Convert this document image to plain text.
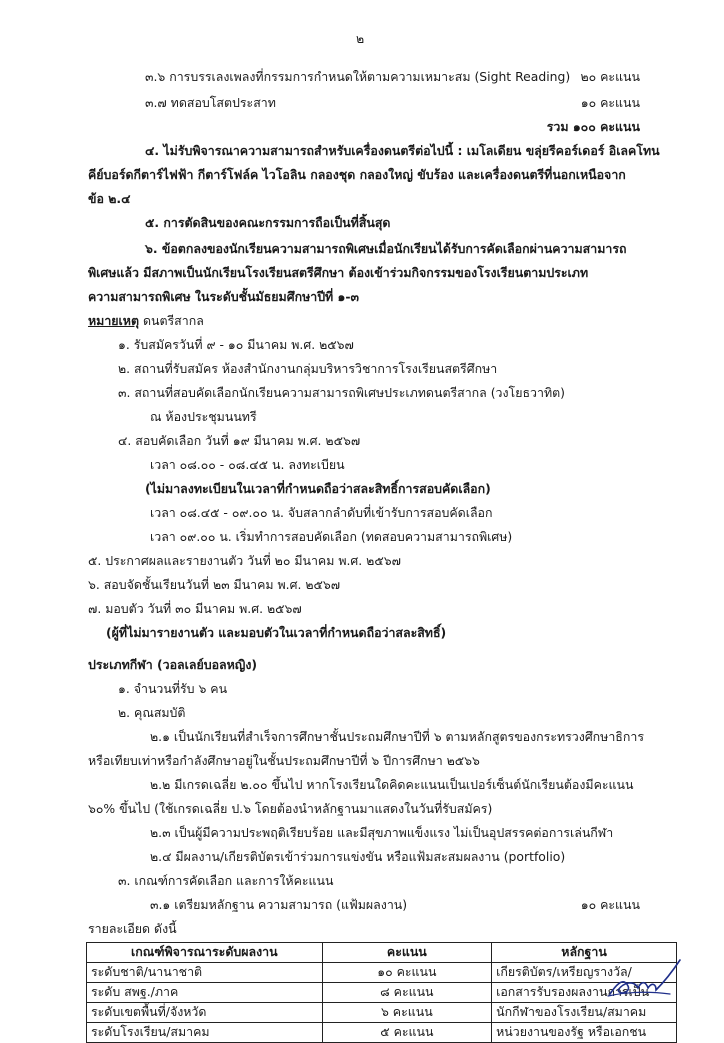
๒
๓.๖ การบรรเลงเพลงที่กรรมการกำหนดให้ตามความเหมาะสม (Sight Reading) ๒๐ คะแนน
๓.๗ ทดสอบโสตประสาท	๑๐ คะแนน
รวม ๑๐๐ คะแนน
๔. ไม่รับพิจารณาความสามารถสำหรับเครื่องดนตรีต่อไปนี้ : เมโลเดียน ขลุ่ยรีคอร์เดอร์ อิเลคโทน
คีย์บอร์ดกีตาร์ไฟฟ้า กีตาร์โฟล์ค ไวโอลิน กลองชุด กลองใหญ่ ขับร้อง และเครื่องดนตรีที่นอกเหนือจาก
ข้อ ๒.๔
๕. การตัดสินของคณะกรรมการถือเป็นที่สิ้นสุด
๖. ข้อตกลงของนักเรียนความสามารถพิเศษเมื่อนักเรียนได้รับการคัดเลือกผ่านความสามารถ
พิเศษแล้ว มีสภาพเป็นนักเรียนโรงเรียนสตรีศึกษา ต้องเข้าร่วมกิจกรรมของโรงเรียนตามประเภท
ความสามารถพิเศษ ในระดับชั้นมัธยมศึกษาปีที่ ๑-๓
หมายเหตุ ดนตรีสากล
๑. รับสมัครวันที่ ๙ - ๑๐ มีนาคม พ.ศ. ๒๕๖๗
๒. สถานที่รับสมัคร ห้องสำนักงานกลุ่มบริหารวิชาการโรงเรียนสตรีศึกษา
๓. สถานที่สอบคัดเลือกนักเรียนความสามารถพิเศษประเภทดนตรีสากล (วงโยธวาทิต)
ณ ห้องประชุมนนทรี
๔. สอบคัดเลือก วันที่ ๑๙ มีนาคม พ.ศ. ๒๕๖๗
เวลา ๐๘.๐๐ - ๐๘.๔๕ น. ลงทะเบียน
(ไม่มาลงทะเบียนในเวลาที่กำหนดถือว่าสละสิทธิ์การสอบคัดเลือก)
เวลา ๐๘.๔๕ - ๐๙.๐๐ น. จับสลากลำดับที่เข้ารับการสอบคัดเลือก
เวลา ๐๙.๐๐ น. เริ่มทำการสอบคัดเลือก (ทดสอบความสามารถพิเศษ)
๕. ประกาศผลและรายงานตัว วันที่ ๒๐ มีนาคม พ.ศ. ๒๕๖๗
๖. สอบจัดชั้นเรียนวันที่ ๒๓ มีนาคม พ.ศ. ๒๕๖๗
๗. มอบตัว วันที่ ๓๐ มีนาคม พ.ศ. ๒๕๖๗
(ผู้ที่ไม่มารายงานตัว และมอบตัวในเวลาที่กำหนดถือว่าสละสิทธิ์)
ประเภทกีฬา (วอลเลย์บอลหญิง)
๑. จำนวนที่รับ ๖ คน
๒. คุณสมบัติ
๒.๑ เป็นนักเรียนที่สำเร็จการศึกษาชั้นประถมศึกษาปีที่ ๖ ตามหลักสูตรของกระทรวงศึกษาธิการ
หรือเทียบเท่าหรือกำลังศึกษาอยู่ในชั้นประถมศึกษาปีที่ ๖ ปีการศึกษา ๒๕๖๖
๒.๒ มีเกรดเฉลี่ย ๒.๐๐ ขึ้นไป หากโรงเรียนใดคิดคะแนนเป็นเปอร์เซ็นต์นักเรียนต้องมีคะแนน
๖๐% ขึ้นไป (ใช้เกรดเฉลี่ย ป.๖ โดยต้องนำหลักฐานมาแสดงในวันที่รับสมัคร)
๒.๓ เป็นผู้มีความประพฤติเรียบร้อย และมีสุขภาพแข็งแรง ไม่เป็นอุปสรรคต่อการเล่นกีฬา
๒.๔ มีผลงาน/เกียรติบัตรเข้าร่วมการแข่งขัน หรือแฟ้มสะสมผลงาน (portfolio)
๓. เกณฑ์การคัดเลือก และการให้คะแนน
๓.๑ เตรียมหลักฐาน ความสามารถ (แฟ้มผลงาน)	๑๐ คะแนน
รายละเอียด ดังนี้
เกณฑ์พิจารณาระดับผลงาน	คะแนน	หลักฐาน
ระดับชาติ/นานาชาติ	๑๐ คะแนน	เกียรติบัตร/เหรียญรางวัล/
ระดับ สพฐ./ภาค	๘ คะแนน	เอกสารรับรองผลงานการเป็น
ระดับเขตพื้นที่/จังหวัด	๖ คะแนน	นักกีฬาของโรงเรียน/สมาคม
ระดับโรงเรียน/สมาคม	๕ คะแนน	หน่วยงานของรัฐ หรือเอกชน
